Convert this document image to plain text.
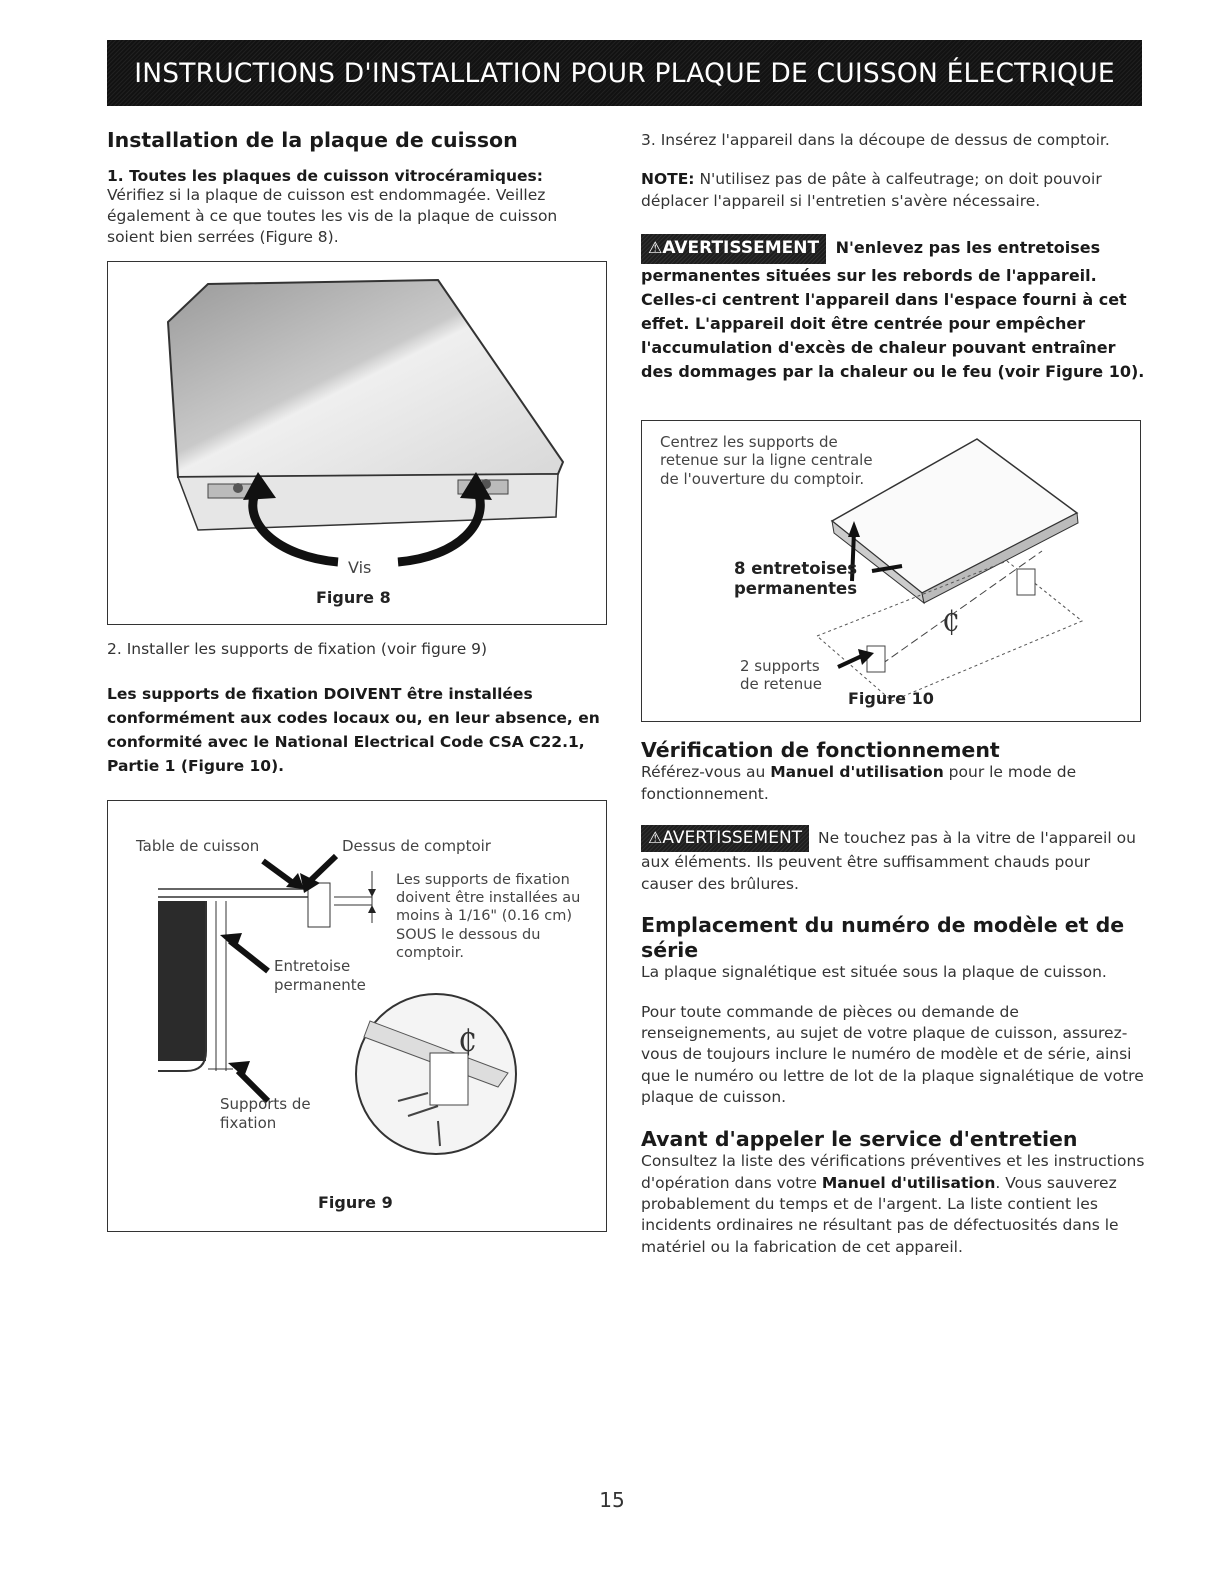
INSTRUCTIONS D'INSTALLATION POUR PLAQUE DE CUISSON ÉLECTRIQUE
Installation de la plaque de cuisson
1. Toutes les plaques de cuisson vitrocéramiques:

Vérifiez si la plaque de cuisson est endommagée. Veillez également à ce que toutes les vis de la plaque de cuisson soient bien serrées (Figure 8).

Vis
Figure 8

2. Installer les supports de fixation (voir figure 9)

Les supports de fixation DOIVENT être installées conformément aux codes locaux ou, en leur absence, en conformité avec le National Electrical Code CSA C22.1, Partie 1 (Figure 10).

₵
Table de cuisson	Dessus de comptoir
Les supports de fixation doivent être installées au moins à 1/16" (0.16 cm) SOUS le dessous du comptoir.
Entretoise permanente
Supports de fixation
Figure 9

3. Insérez l'appareil dans la découpe de dessus de comptoir.

NOTE: N'utilisez pas de pâte à calfeutrage; on doit pouvoir déplacer l'appareil si l'entretien s'avère nécessaire.

⚠AVERTISSEMENT N'enlevez pas les entretoises permanentes situées sur les rebords de l'appareil. Celles-ci centrent l'appareil dans l'espace fourni à cet effet. L'appareil doit être centrée pour empêcher l'accumulation d'excès de chaleur pouvant entraîner des dommages par la chaleur ou le feu (voir Figure 10).

₵
Centrez les supports de retenue sur la ligne centrale de l'ouverture du comptoir.
8 entretoises permanentes
2 supports de retenue
Figure 10
Vérification de fonctionnement

Référez-vous au Manuel d'utilisation pour le mode de fonctionnement.

⚠AVERTISSEMENT Ne touchez pas à la vitre de l'appareil ou aux éléments. Ils peuvent être suffisamment chauds pour causer des brûlures.

Emplacement du numéro de modèle et de série

La plaque signalétique est située sous la plaque de cuisson.

Pour toute commande de pièces ou demande de renseignements, au sujet de votre plaque de cuisson, assurez-vous de toujours inclure le numéro de modèle et de série, ainsi que le numéro ou lettre de lot de la plaque signalétique de votre plaque de cuisson.

Avant d'appeler le service d'entretien

Consultez la liste des vérifications préventives et les instructions d'opération dans votre Manuel d'utilisation. Vous sauverez probablement du temps et de l'argent. La liste contient les incidents ordinaires ne résultant pas de défectuosités dans le matériel ou la fabrication de cet appareil.

15
